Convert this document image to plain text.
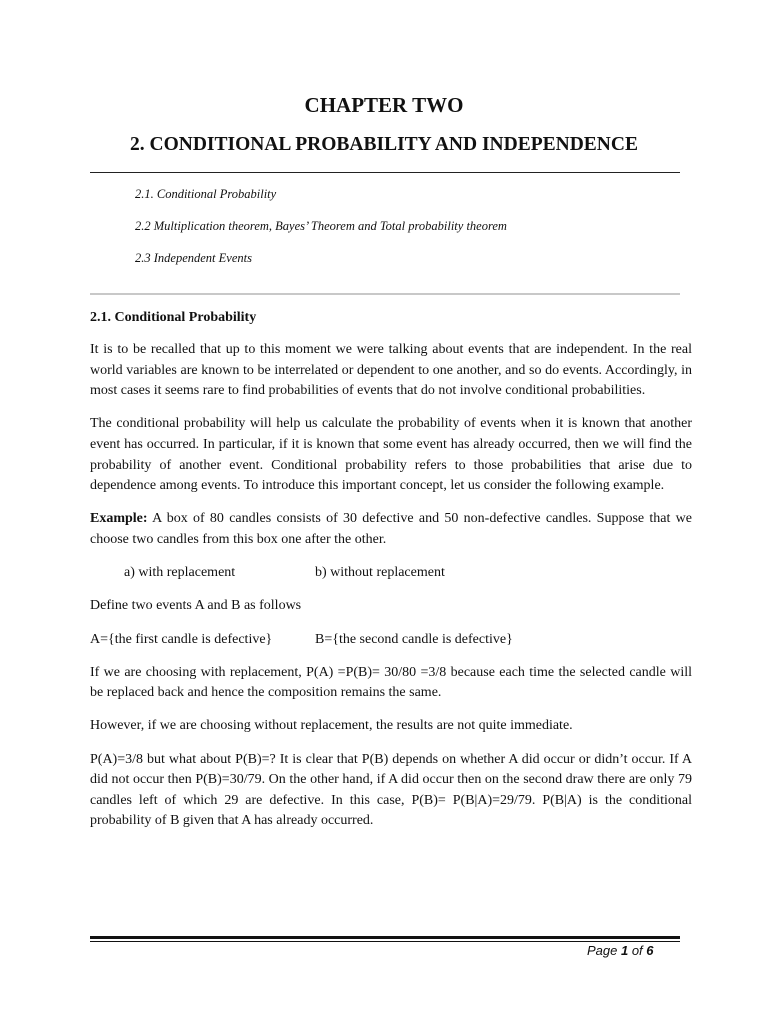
CHAPTER TWO
2. CONDITIONAL PROBABILITY AND INDEPENDENCE
2.1. Conditional Probability
2.2 Multiplication theorem, Bayes’ Theorem and Total probability theorem
2.3 Independent Events
2.1. Conditional Probability

It is to be recalled that up to this moment we were talking about events that are independent. In the real world variables are known to be interrelated or dependent to one another, and so do events. Accordingly, in most cases it seems rare to find probabilities of events that do not involve conditional probabilities.

The conditional probability will help us calculate the probability of events when it is known that another event has occurred. In particular, if it is known that some event has already occurred, then we will find the probability of another event. Conditional probability refers to those probabilities that arise due to dependence among events. To introduce this important concept, let us consider the following example.

Example: A box of 80 candles consists of 30 defective and 50 non-defective candles. Suppose that we choose two candles from this box one after the other.

a) with replacement	b) without replacement

Define two events A and B as follows

A={the first candle is defective}	B={the second candle is defective}

If we are choosing with replacement, P(A) =P(B)= 30/80 =3/8 because each time the selected candle will be replaced back and hence the composition remains the same.

However, if we are choosing without replacement, the results are not quite immediate.

P(A)=3/8 but what about P(B)=? It is clear that P(B) depends on whether A did occur or didn’t occur. If A did not occur then P(B)=30/79. On the other hand, if A did occur then on the second draw there are only 79 candles left of which 29 are defective. In this case, P(B)= P(B|A)=29/79. P(B|A) is the conditional probability of B given that A has already occurred.

Page 1 of 6
